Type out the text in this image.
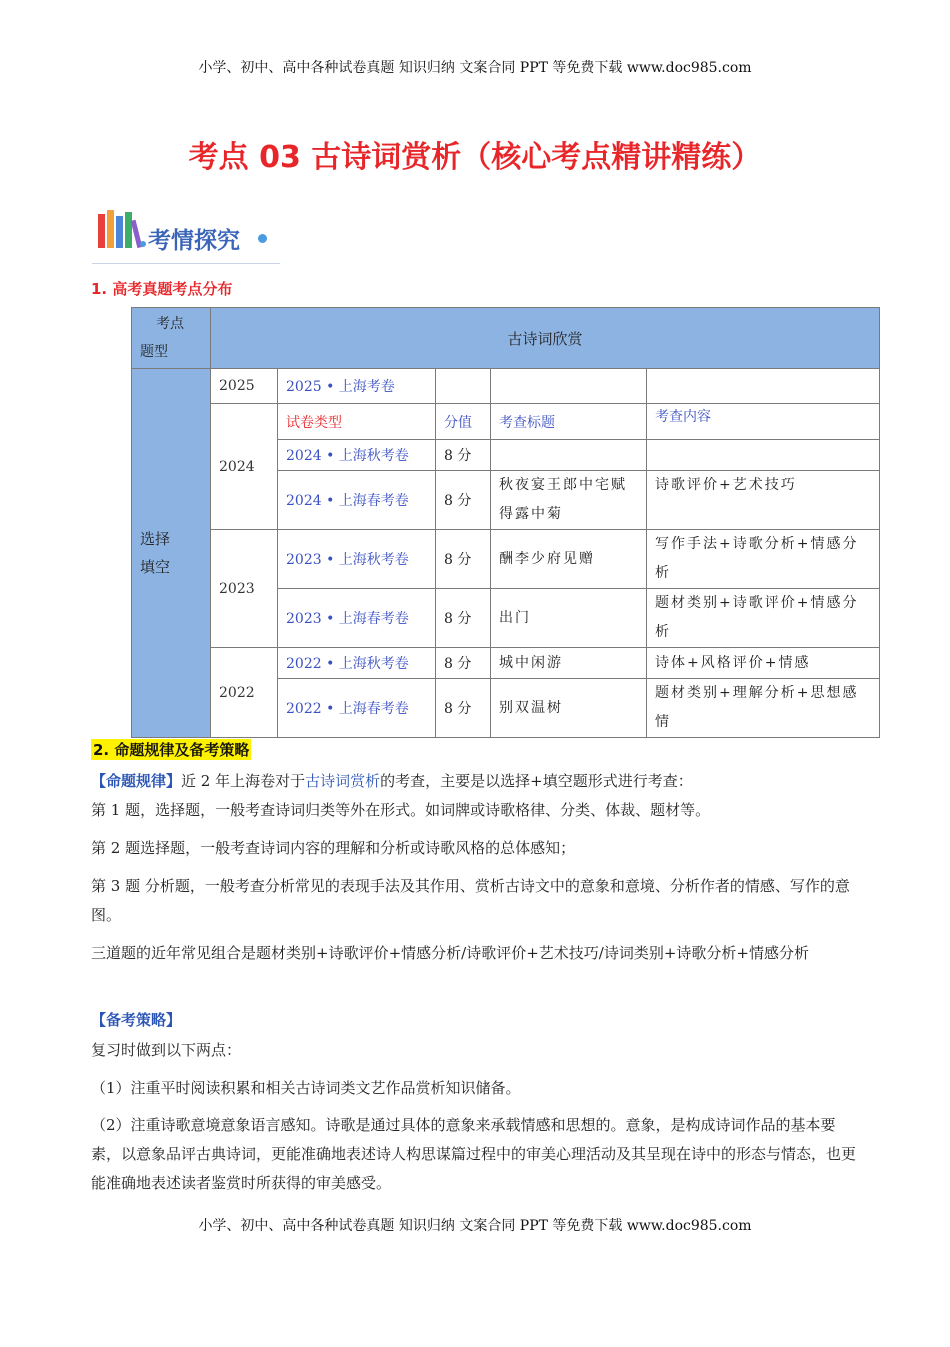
小学、初中、高中各种试卷真题 知识归纳 文案合同 PPT 等免费下载 www.doc985.com
考点 03 古诗词赏析（核心考点精讲精练）
考情探究
1. 高考真题考点分布
考点
题型	古诗词欣赏				

选择
填空	2025	2025 • 上海考卷			
	2024	试卷类型	分值	考查标题	考查内容
		2024 • 上海秋考卷	8 分		
		2024 • 上海春考卷	8 分	秋夜宴王郎中宅赋得露中菊	诗歌评价+艺术技巧
	2023	2023 • 上海秋考卷	8 分	酬李少府见赠	写作手法+诗歌分析+情感分析
		2023 • 上海春考卷	8 分	出门	题材类别+诗歌评价+情感分析
	2022	2022 • 上海秋考卷	8 分	城中闲游	诗体+风格评价+情感
		2022 • 上海春考卷	8 分	别双温树	题材类别+理解分析+思想感情
2. 命题规律及备考策略
【命题规律】近 2 年上海卷对于古诗词赏析的考查，主要是以选择+填空题形式进行考查：
第 1 题，选择题，一般考查诗词归类等外在形式。如词牌或诗歌格律、分类、体裁、题材等。
第 2 题选择题，一般考查诗词内容的理解和分析或诗歌风格的总体感知；
第 3 题 分析题，一般考查分析常见的表现手法及其作用、赏析古诗文中的意象和意境、分析作者的情感、写作的意图。
三道题的近年常见组合是题材类别+诗歌评价+情感分析/诗歌评价+艺术技巧/诗词类别+诗歌分析+情感分析
【备考策略】
复习时做到以下两点：
（1）注重平时阅读积累和相关古诗词类文艺作品赏析知识储备。
（2）注重诗歌意境意象语言感知。诗歌是通过具体的意象来承载情感和思想的。意象，是构成诗词作品的基本要素，以意象品评古典诗词，更能准确地表述诗人构思谋篇过程中的审美心理活动及其呈现在诗中的形态与情态，也更能准确地表述读者鉴赏时所获得的审美感受。
小学、初中、高中各种试卷真题 知识归纳 文案合同 PPT 等免费下载 www.doc985.com
